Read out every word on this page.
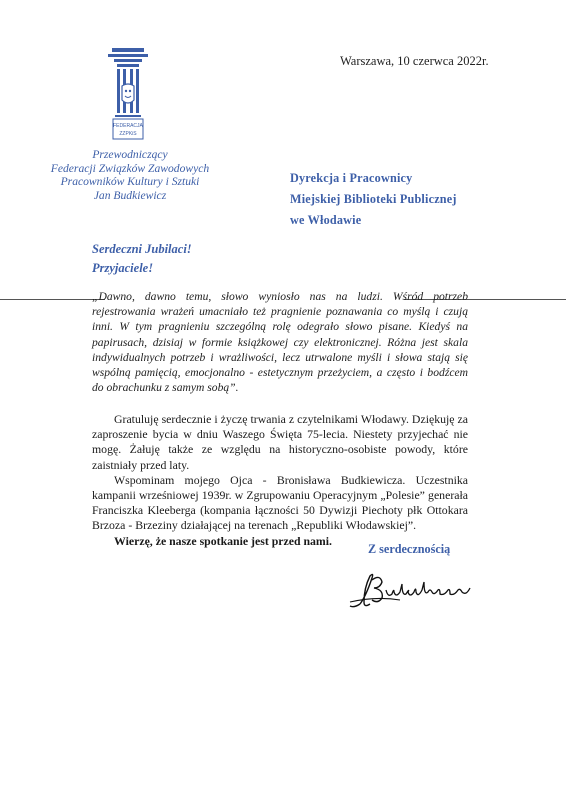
FEDERACJA
ZZPKiS
Warszawa, 10 czerwca 2022r.
Przewodniczący
Federacji Związków Zawodowych
Pracowników Kultury i Sztuki
Jan Budkiewicz
Dyrekcja i Pracownicy
Miejskiej Biblioteki Publicznej
we Włodawie
Serdeczni Jubilaci!
Przyjaciele!
„Dawno, dawno temu, słowo wyniosło nas na ludzi. Wśród potrzeb rejestrowania wrażeń umacniało też pragnienie poznawania co myślą i czują inni. W tym pragnieniu szczególną rolę odegrało słowo pisane. Kiedyś na papirusach, dzisiaj w formie książkowej czy elektronicznej. Różna jest skala indywidualnych potrzeb i wrażliwości, lecz utrwalone myśli i słowa stają się wspólną pamięcią, emocjonalno - estetycznym przeżyciem, a często i bodźcem do obrachunku z samym sobą”.

Gratuluję serdecznie i życzę trwania z czytelnikami Włodawy. Dziękuję za zaproszenie bycia w dniu Waszego Święta 75-lecia. Niestety przyjechać nie mogę. Żałuję także ze względu na historyczno-osobiste powody, które zaistniały przed laty.

Wspominam mojego Ojca - Bronisława Budkiewicza. Uczestnika kampanii wrześniowej 1939r. w Zgrupowaniu Operacyjnym „Polesie” generała Franciszka Kleeberga (kompania łączności 50 Dywizji Piechoty płk Ottokara Brzoza - Brzeziny działającej na terenach „Republiki Włodawskiej”.

Wierzę, że nasze spotkanie jest przed nami.

Z serdecznością
